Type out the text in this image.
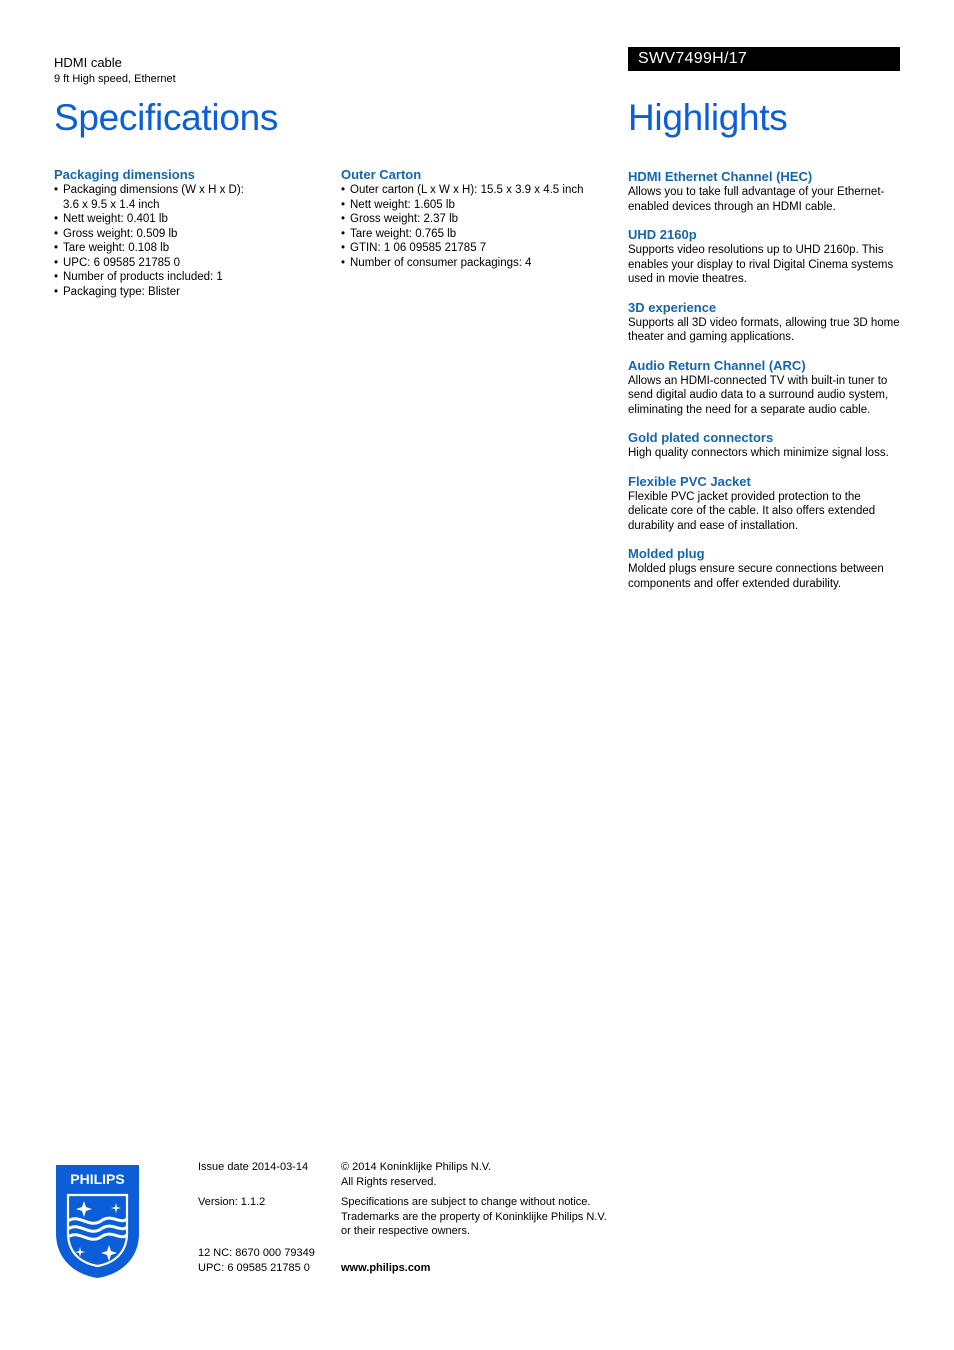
HDMI cable
9 ft High speed, Ethernet
SWV7499H/17
Specifications	Highlights
Packaging dimensions
• Packaging dimensions (W x H x D): 3.6 x 9.5 x 1.4 inch
• Nett weight: 0.401 lb
• Gross weight: 0.509 lb
• Tare weight: 0.108 lb
• UPC: 6 09585 21785 0
• Number of products included: 1
• Packaging type: Blister
Outer Carton
• Outer carton (L x W x H): 15.5 x 3.9 x 4.5 inch
• Nett weight: 1.605 lb
• Gross weight: 2.37 lb
• Tare weight: 0.765 lb
• GTIN: 1 06 09585 21785 7
• Number of consumer packagings: 4
HDMI Ethernet Channel (HEC)

Allows you to take full advantage of your Ethernet-enabled devices through an HDMI cable.

UHD 2160p

Supports video resolutions up to UHD 2160p. This enables your display to rival Digital Cinema systems used in movie theatres.

3D experience

Supports all 3D video formats, allowing true 3D home theater and gaming applications.

Audio Return Channel (ARC)

Allows an HDMI-connected TV with built-in tuner to send digital audio data to a surround audio system, eliminating the need for a separate audio cable.

Gold plated connectors

High quality connectors which minimize signal loss.

Flexible PVC Jacket

Flexible PVC jacket provided protection to the delicate core of the cable. It also offers extended durability and ease of installation.

Molded plug

Molded plugs ensure secure connections between components and offer extended durability.

PHILIPS

Issue date 2014-03-14

Version: 1.1.2

12 NC: 8670 000 79349

UPC: 6 09585 21785 0

© 2014 Koninklijke Philips N.V.

All Rights reserved.

Specifications are subject to change without notice.

Trademarks are the property of Koninklijke Philips N.V.

or their respective owners.

www.philips.com
